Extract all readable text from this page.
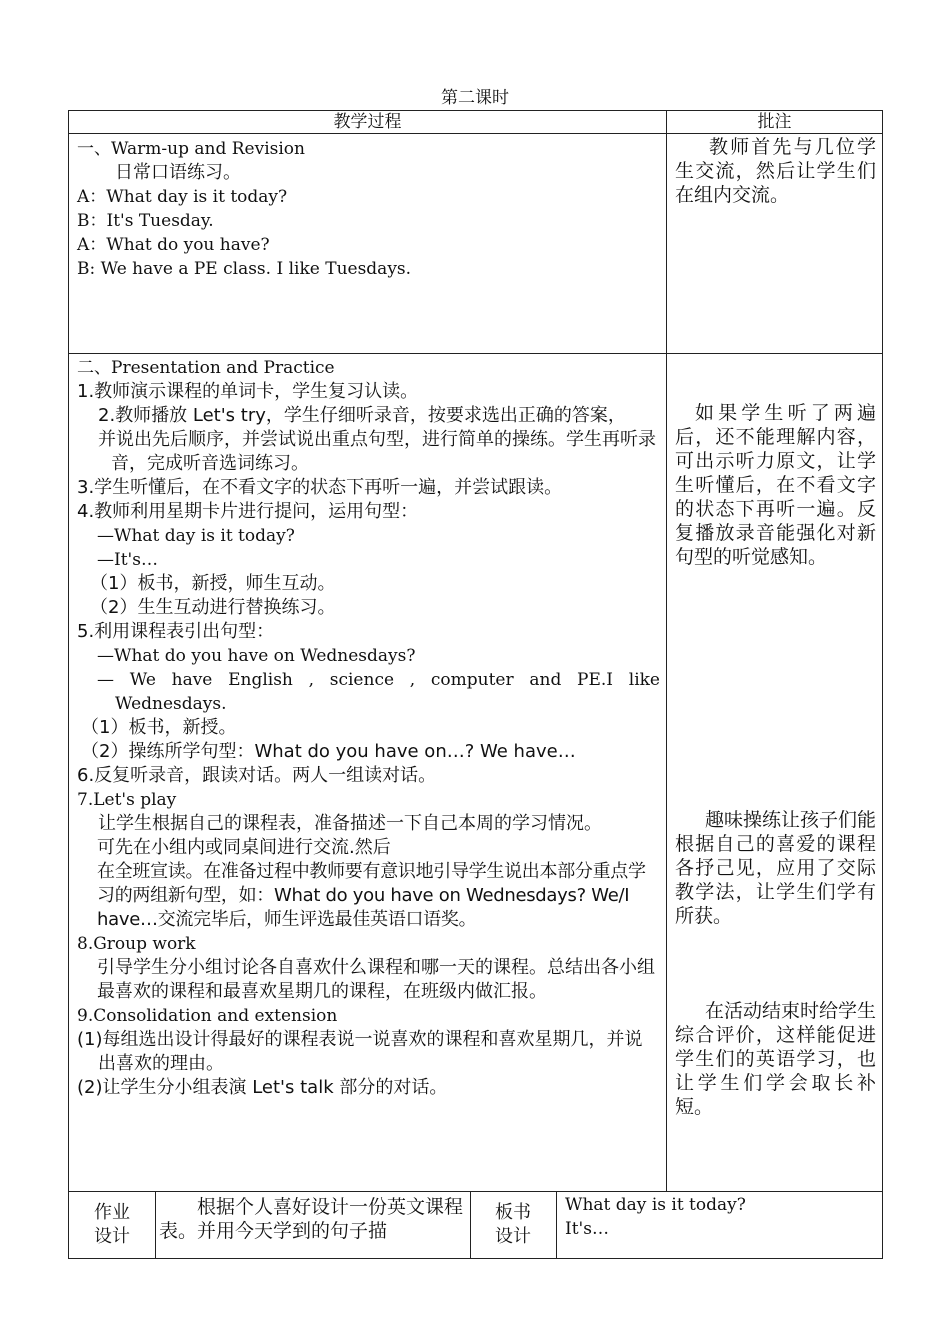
第二课时
教学过程	批注
一、Warm-up and Revision
日常口语练习。
A：What day is it today?
B：It's Tuesday.
A：What do you have?
B: We have a PE class. I like Tuesdays.
教师首先与几位学生交流，然后让学生们在组内交流。
二、Presentation and Practice
1.教师演示课程的单词卡，学生复习认读。
2.教师播放 Let's try，学生仔细听录音，按要求选出正确的答案，
并说出先后顺序，并尝试说出重点句型，进行简单的操练。学生再听录音，完成听音选词练习。
3.学生听懂后，在不看文字的状态下再听一遍，并尝试跟读。
4.教师利用星期卡片进行提问，运用句型：
—What day is it today?
—It's…
（1）板书，新授，师生互动。
（2）生生互动进行替换练习。
5.利用课程表引出句型：
—What do you have on Wednesdays?
— We have English , science , computer and PE.I like
Wednesdays.
（1）板书，新授。
（2）操练所学句型：What do you have on…? We have…
6.反复听录音，跟读对话。两人一组读对话。
7.Let's play
让学生根据自己的课程表，准备描述一下自己本周的学习情况。
可先在小组内或同桌间进行交流.然后
在全班宣读。在准备过程中教师要有意识地引导学生说出本部分重点学习的两组新句型，如：What do you have on Wednesdays? We/I have…交流完毕后，师生评选最佳英语口语奖。
8.Group work
引导学生分小组讨论各自喜欢什么课程和哪一天的课程。总结出各小组最喜欢的课程和最喜欢星期几的课程，在班级内做汇报。
9.Consolidation and extension
(1)每组选出设计得最好的课程表说一说喜欢的课程和喜欢星期几，并说出喜欢的理由。
(2)让学生分小组表演 Let's talk 部分的对话。
如果学生听了两遍后，还不能理解内容，可出示听力原文，让学生听懂后，在不看文字的状态下再听一遍。反复播放录音能强化对新句型的听觉感知。
趣味操练让孩子们能根据自己的喜爱的课程各抒己见，应用了交际教学法，让学生们学有所获。
在活动结束时给学生综合评价，这样能促进学生们的英语学习，也让学生们学会取长补短。
作业
设计
根据个人喜好设计一份英文课程表。并用今天学到的句子描
板书
设计
What day is it today?
It's…
